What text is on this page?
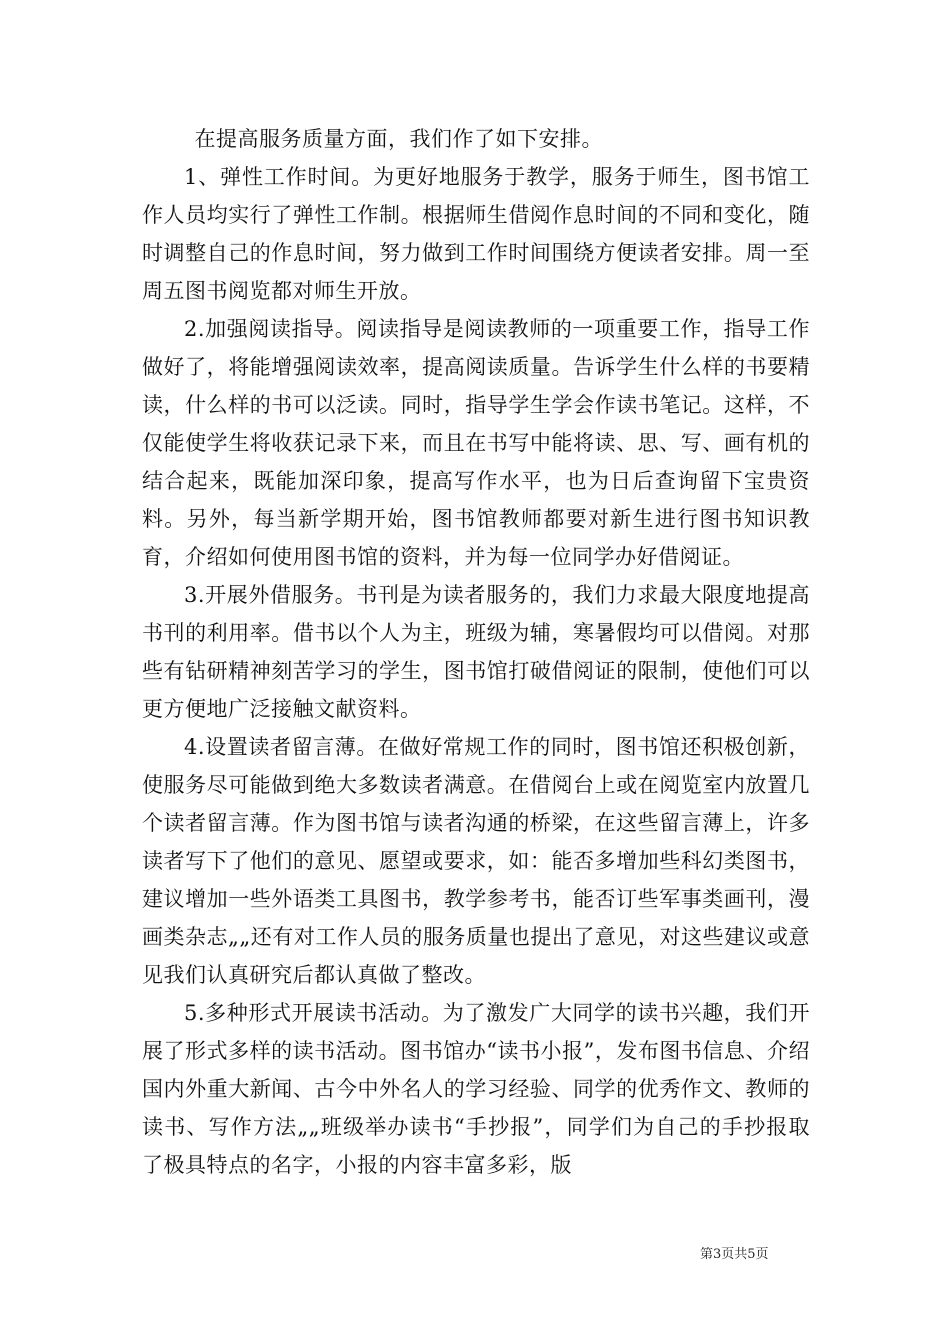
在提高服务质量方面，我们作了如下安排。

1、弹性工作时间。为更好地服务于教学，服务于师生，图书馆工作人员均实行了弹性工作制。根据师生借阅作息时间的不同和变化，随时调整自己的作息时间，努力做到工作时间围绕方便读者安排。周一至周五图书阅览都对师生开放。

2.加强阅读指导。阅读指导是阅读教师的一项重要工作，指导工作做好了，将能增强阅读效率，提高阅读质量。告诉学生什么样的书要精读，什么样的书可以泛读。同时，指导学生学会作读书笔记。这样，不仅能使学生将收获记录下来，而且在书写中能将读、思、写、画有机的结合起来，既能加深印象，提高写作水平，也为日后查询留下宝贵资料。另外，每当新学期开始，图书馆教师都要对新生进行图书知识教育，介绍如何使用图书馆的资料，并为每一位同学办好借阅证。

3.开展外借服务。书刊是为读者服务的，我们力求最大限度地提高书刊的利用率。借书以个人为主，班级为辅，寒暑假均可以借阅。对那些有钻研精神刻苦学习的学生，图书馆打破借阅证的限制，使他们可以更方便地广泛接触文献资料。

4.设置读者留言薄。在做好常规工作的同时，图书馆还积极创新，使服务尽可能做到绝大多数读者满意。在借阅台上或在阅览室内放置几个读者留言薄。作为图书馆与读者沟通的桥梁，在这些留言薄上，许多读者写下了他们的意见、愿望或要求，如：能否多增加些科幻类图书，建议增加一些外语类工具图书，教学参考书，能否订些军事类画刊，漫画类杂志„„还有对工作人员的服务质量也提出了意见，对这些建议或意见我们认真研究后都认真做了整改。

5.多种形式开展读书活动。为了激发广大同学的读书兴趣，我们开展了形式多样的读书活动。图书馆办“读书小报”，发布图书信息、介绍国内外重大新闻、古今中外名人的学习经验、同学的优秀作文、教师的读书、写作方法„„班级举办读书“手抄报”，同学们为自己的手抄报取了极具特点的名字，小报的内容丰富多彩，版

第3页共5页
